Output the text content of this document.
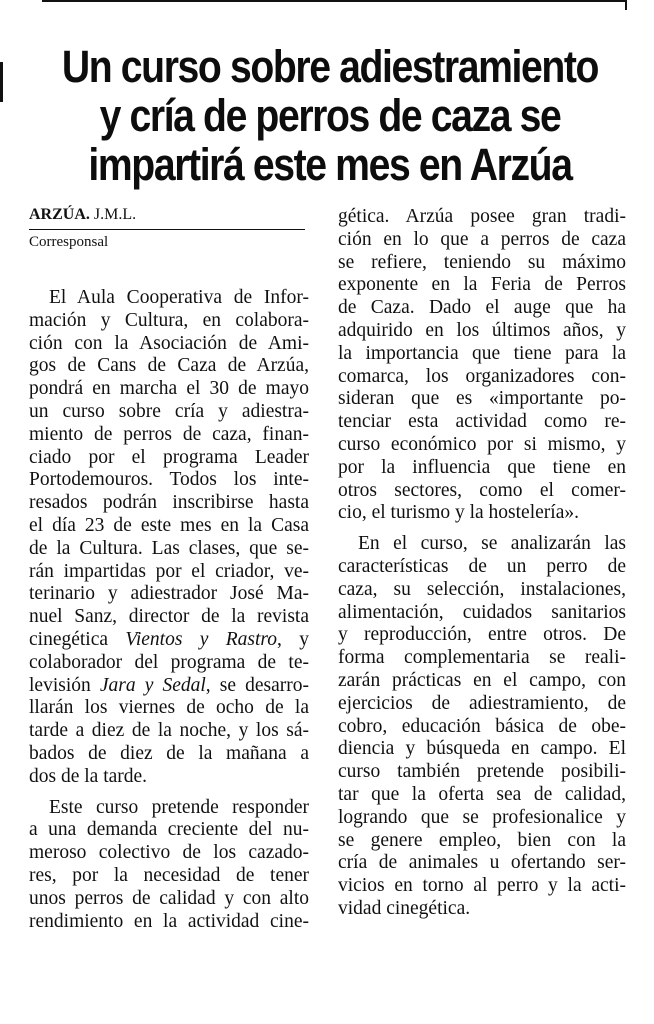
Un curso sobre adiestramiento
y cría de perros de caza se
impartirá este mes en Arzúa
ARZÚA. J.M.L.
Corresponsal
El Aula Cooperativa de Infor-
mación y Cultura, en colabora-
ción con la Asociación de Ami-
gos de Cans de Caza de Arzúa,
pondrá en marcha el 30 de mayo
un curso sobre cría y adiestra-
miento de perros de caza, finan-
ciado por el programa Leader
Portodemouros. Todos los inte-
resados podrán inscribirse hasta
el día 23 de este mes en la Casa
de la Cultura. Las clases, que se-
rán impartidas por el criador, ve-
terinario y adiestrador José Ma-
nuel Sanz, director de la revista
cinegética Vientos y Rastro, y
colaborador del programa de te-
levisión Jara y Sedal, se desarro-
llarán los viernes de ocho de la
tarde a diez de la noche, y los sá-
bados de diez de la mañana a
dos de la tarde.
Este curso pretende responder
a una demanda creciente del nu-
meroso colectivo de los cazado-
res, por la necesidad de tener
unos perros de calidad y con alto
rendimiento en la actividad cine-
gética. Arzúa posee gran tradi-
ción en lo que a perros de caza
se refiere, teniendo su máximo
exponente en la Feria de Perros
de Caza. Dado el auge que ha
adquirido en los últimos años, y
la importancia que tiene para la
comarca, los organizadores con-
sideran que es «importante po-
tenciar esta actividad como re-
curso económico por si mismo, y
por la influencia que tiene en
otros sectores, como el comer-
cio, el turismo y la hostelería».
En el curso, se analizarán las
características de un perro de
caza, su selección, instalaciones,
alimentación, cuidados sanitarios
y reproducción, entre otros. De
forma complementaria se reali-
zarán prácticas en el campo, con
ejercicios de adiestramiento, de
cobro, educación básica de obe-
diencia y búsqueda en campo. El
curso también pretende posibili-
tar que la oferta sea de calidad,
logrando que se profesionalice y
se genere empleo, bien con la
cría de animales u ofertando ser-
vicios en torno al perro y la acti-
vidad cinegética.
